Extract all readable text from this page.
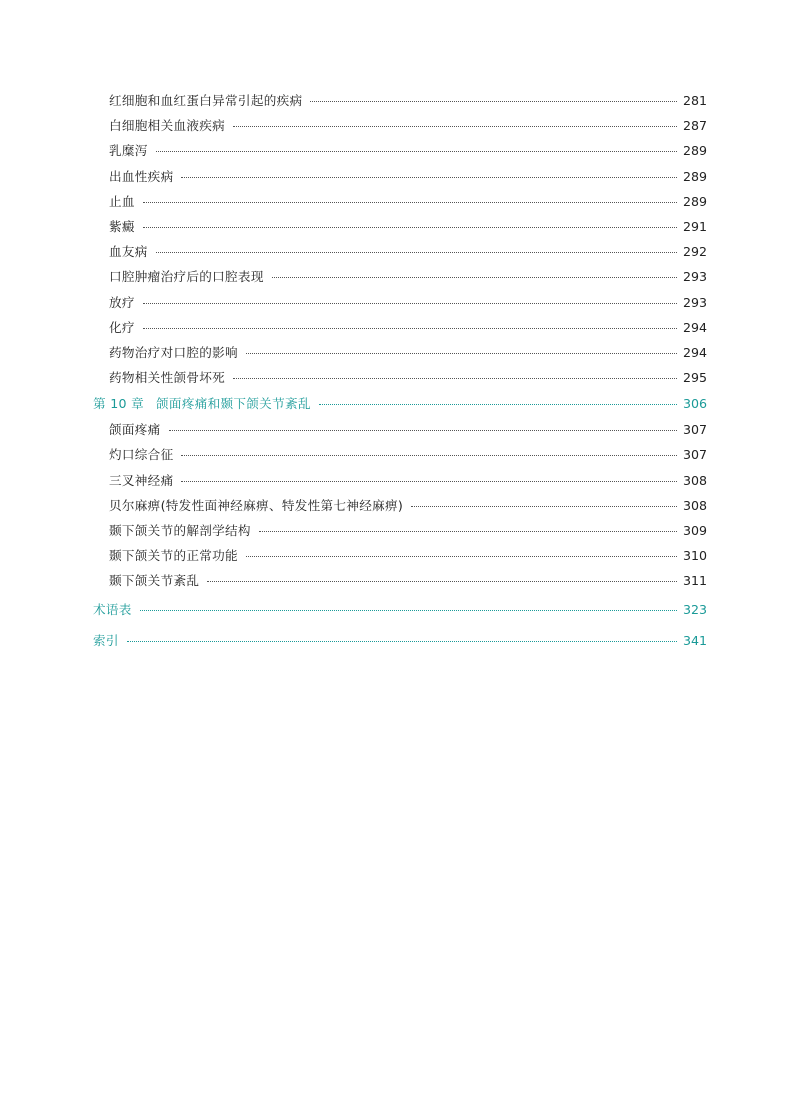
红细胞和血红蛋白异常引起的疾病	281
白细胞相关血液疾病	287
乳糜泻	289
出血性疾病	289
止血	289
紫癜	291
血友病	292
口腔肿瘤治疗后的口腔表现	293
放疗	293
化疗	294
药物治疗对口腔的影响	294
药物相关性颌骨坏死	295
第 10 章 颌面疼痛和颞下颌关节紊乱	306
颌面疼痛	307
灼口综合征	307
三叉神经痛	308
贝尔麻痹(特发性面神经麻痹、特发性第七神经麻痹)	308
颞下颌关节的解剖学结构	309
颞下颌关节的正常功能	310
颞下颌关节紊乱	311
术语表	323
索引	341
